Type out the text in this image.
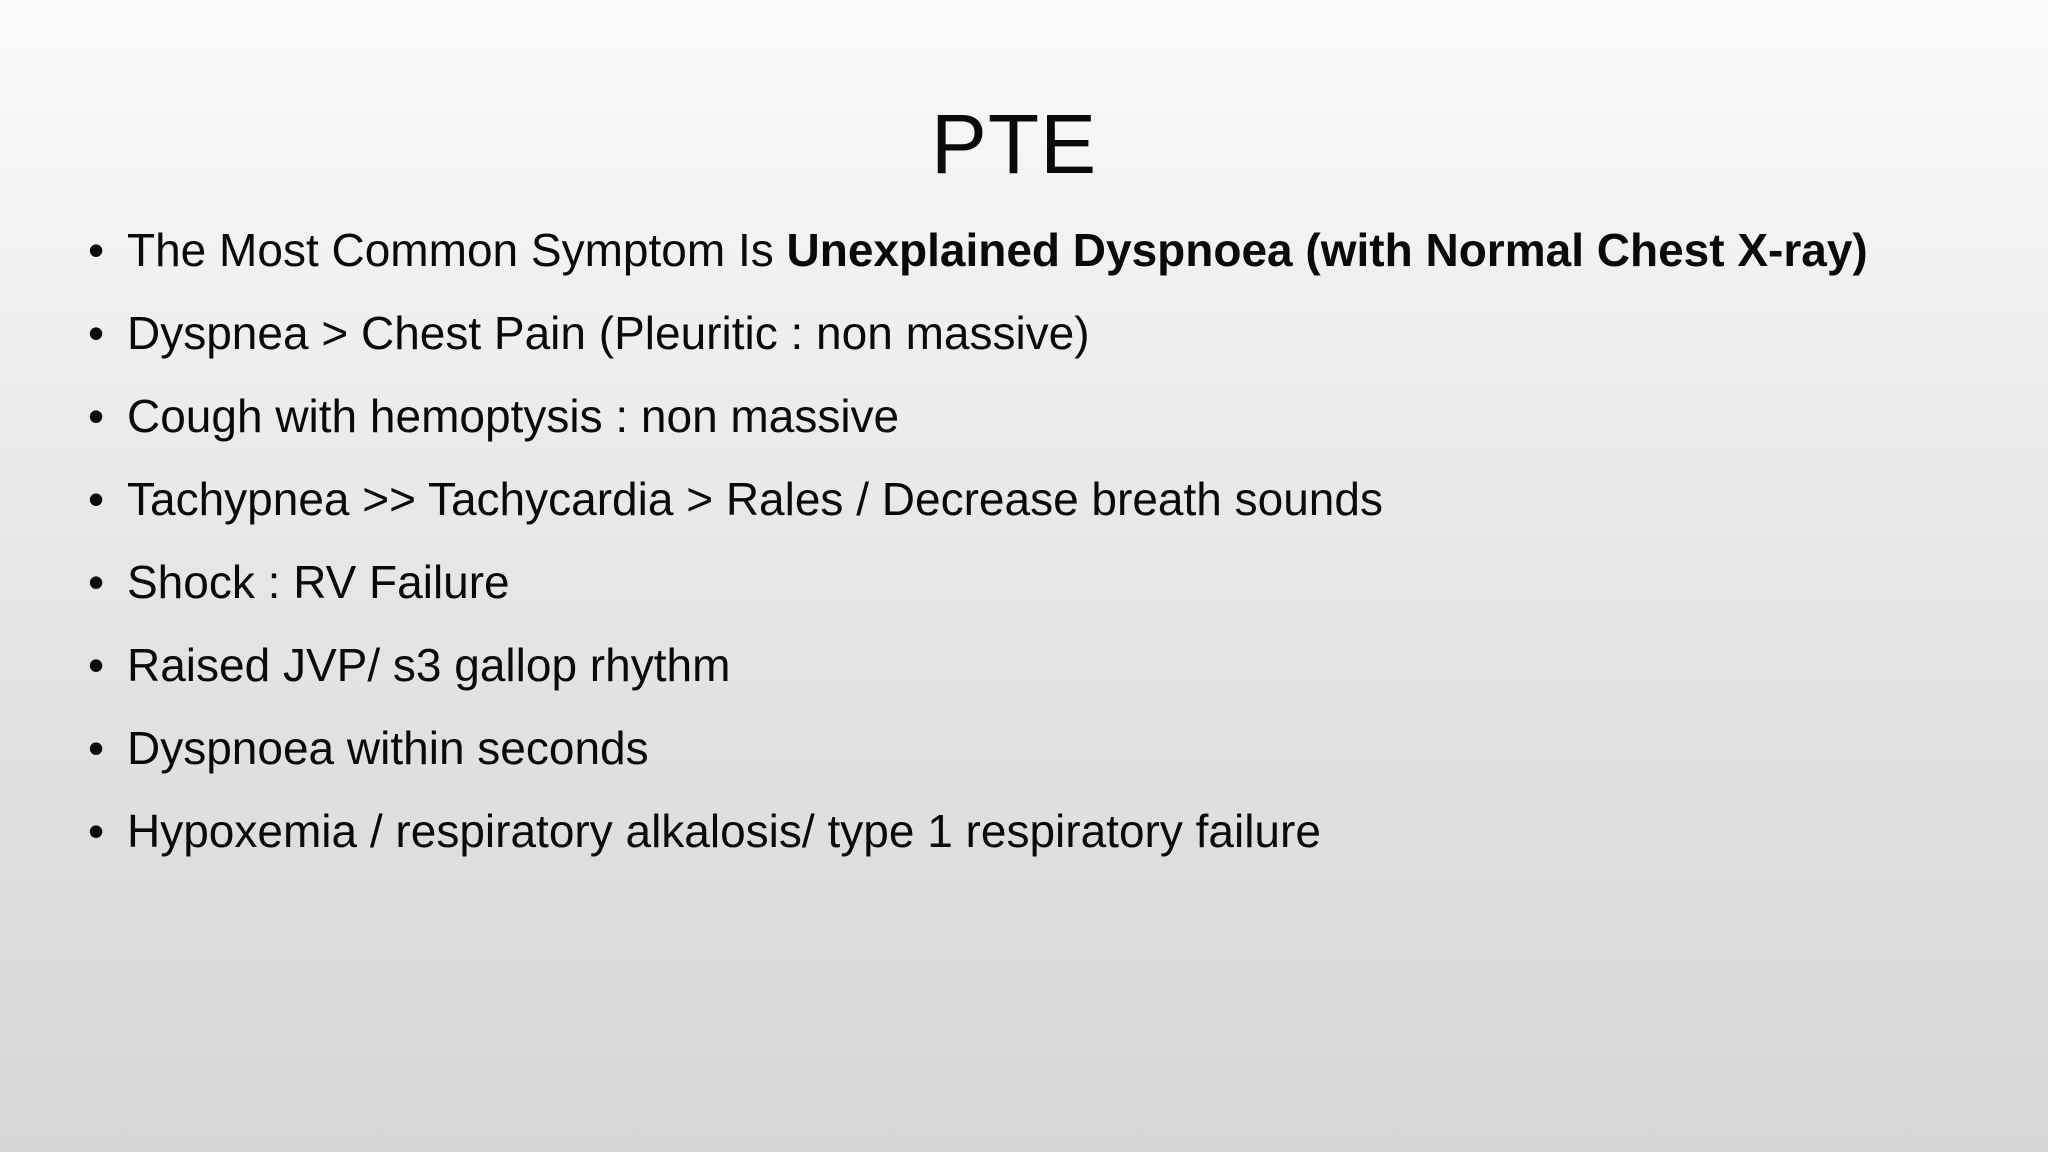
PTE
• The Most Common Symptom Is Unexplained Dyspnoea (with Normal Chest X-ray)
• Dyspnea > Chest Pain (Pleuritic : non massive)
• Cough with hemoptysis : non massive
• Tachypnea >> Tachycardia > Rales / Decrease breath sounds
• Shock : RV Failure
• Raised JVP/ s3 gallop rhythm
• Dyspnoea within seconds
• Hypoxemia / respiratory alkalosis/ type 1 respiratory failure
